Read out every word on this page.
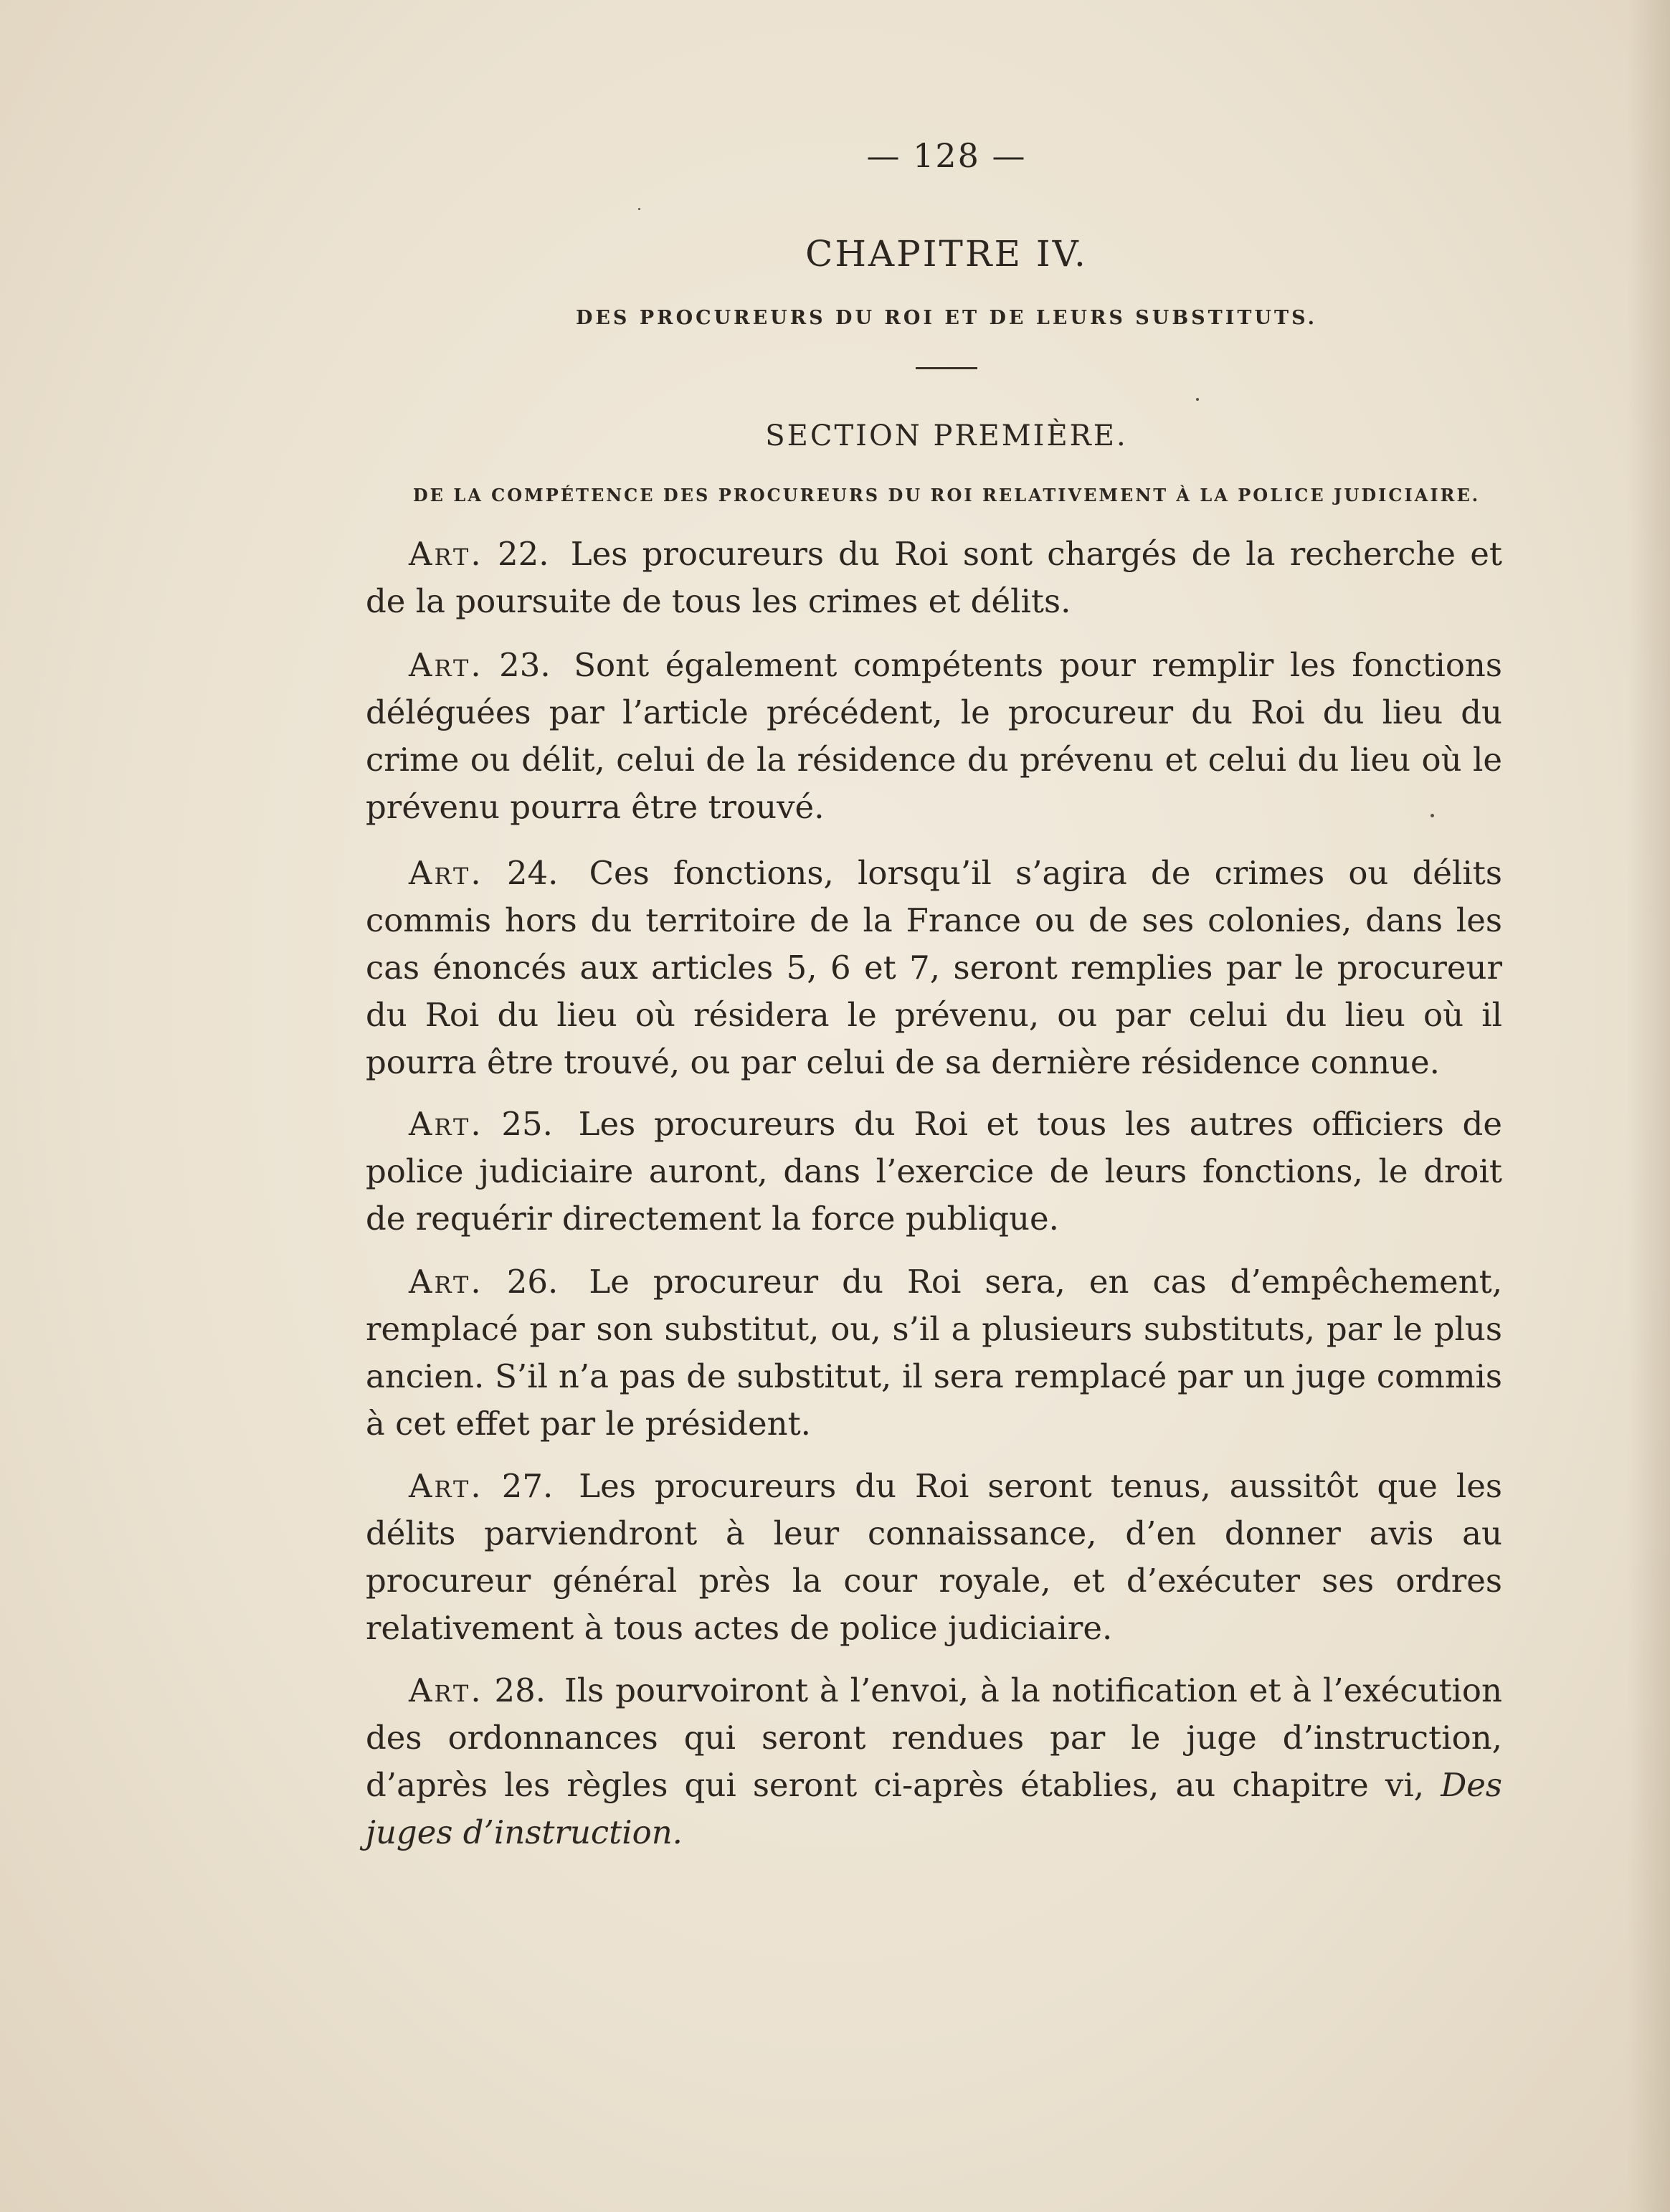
— 128 —
CHAPITRE IV.
DES PROCUREURS DU ROI ET DE LEURS SUBSTITUTS.
SECTION PREMIÈRE.
DE LA COMPÉTENCE DES PROCUREURS DU ROI RELATIVEMENT À LA POLICE JUDICIAIRE.

Art. 22. Les procureurs du Roi sont chargés de la recherche et de la poursuite de tous les crimes et délits.

Art. 23. Sont également compétents pour remplir les fonctions déléguées par l’article précédent, le procureur du Roi du lieu du crime ou délit, celui de la résidence du prévenu et celui du lieu où le prévenu pourra être trouvé.

Art. 24. Ces fonctions, lorsqu’il s’agira de crimes ou délits commis hors du territoire de la France ou de ses colonies, dans les cas énoncés aux articles 5, 6 et 7, seront remplies par le procureur du Roi du lieu où résidera le prévenu, ou par celui du lieu où il pourra être trouvé, ou par celui de sa dernière résidence connue.

Art. 25. Les procureurs du Roi et tous les autres officiers de police judiciaire auront, dans l’exercice de leurs fonctions, le droit de requérir directement la force publique.

Art. 26. Le procureur du Roi sera, en cas d’empêchement, remplacé par son substitut, ou, s’il a plusieurs substituts, par le plus ancien. S’il n’a pas de substitut, il sera remplacé par un juge commis à cet effet par le président.

Art. 27. Les procureurs du Roi seront tenus, aussitôt que les délits parviendront à leur connaissance, d’en donner avis au procureur général près la cour royale, et d’exécuter ses ordres relativement à tous actes de police judiciaire.

Art. 28. Ils pourvoiront à l’envoi, à la notification et à l’exécution des ordonnances qui seront rendues par le juge d’instruction, d’après les règles qui seront ci-après établies, au chapitre vi, Des juges d’instruction.
